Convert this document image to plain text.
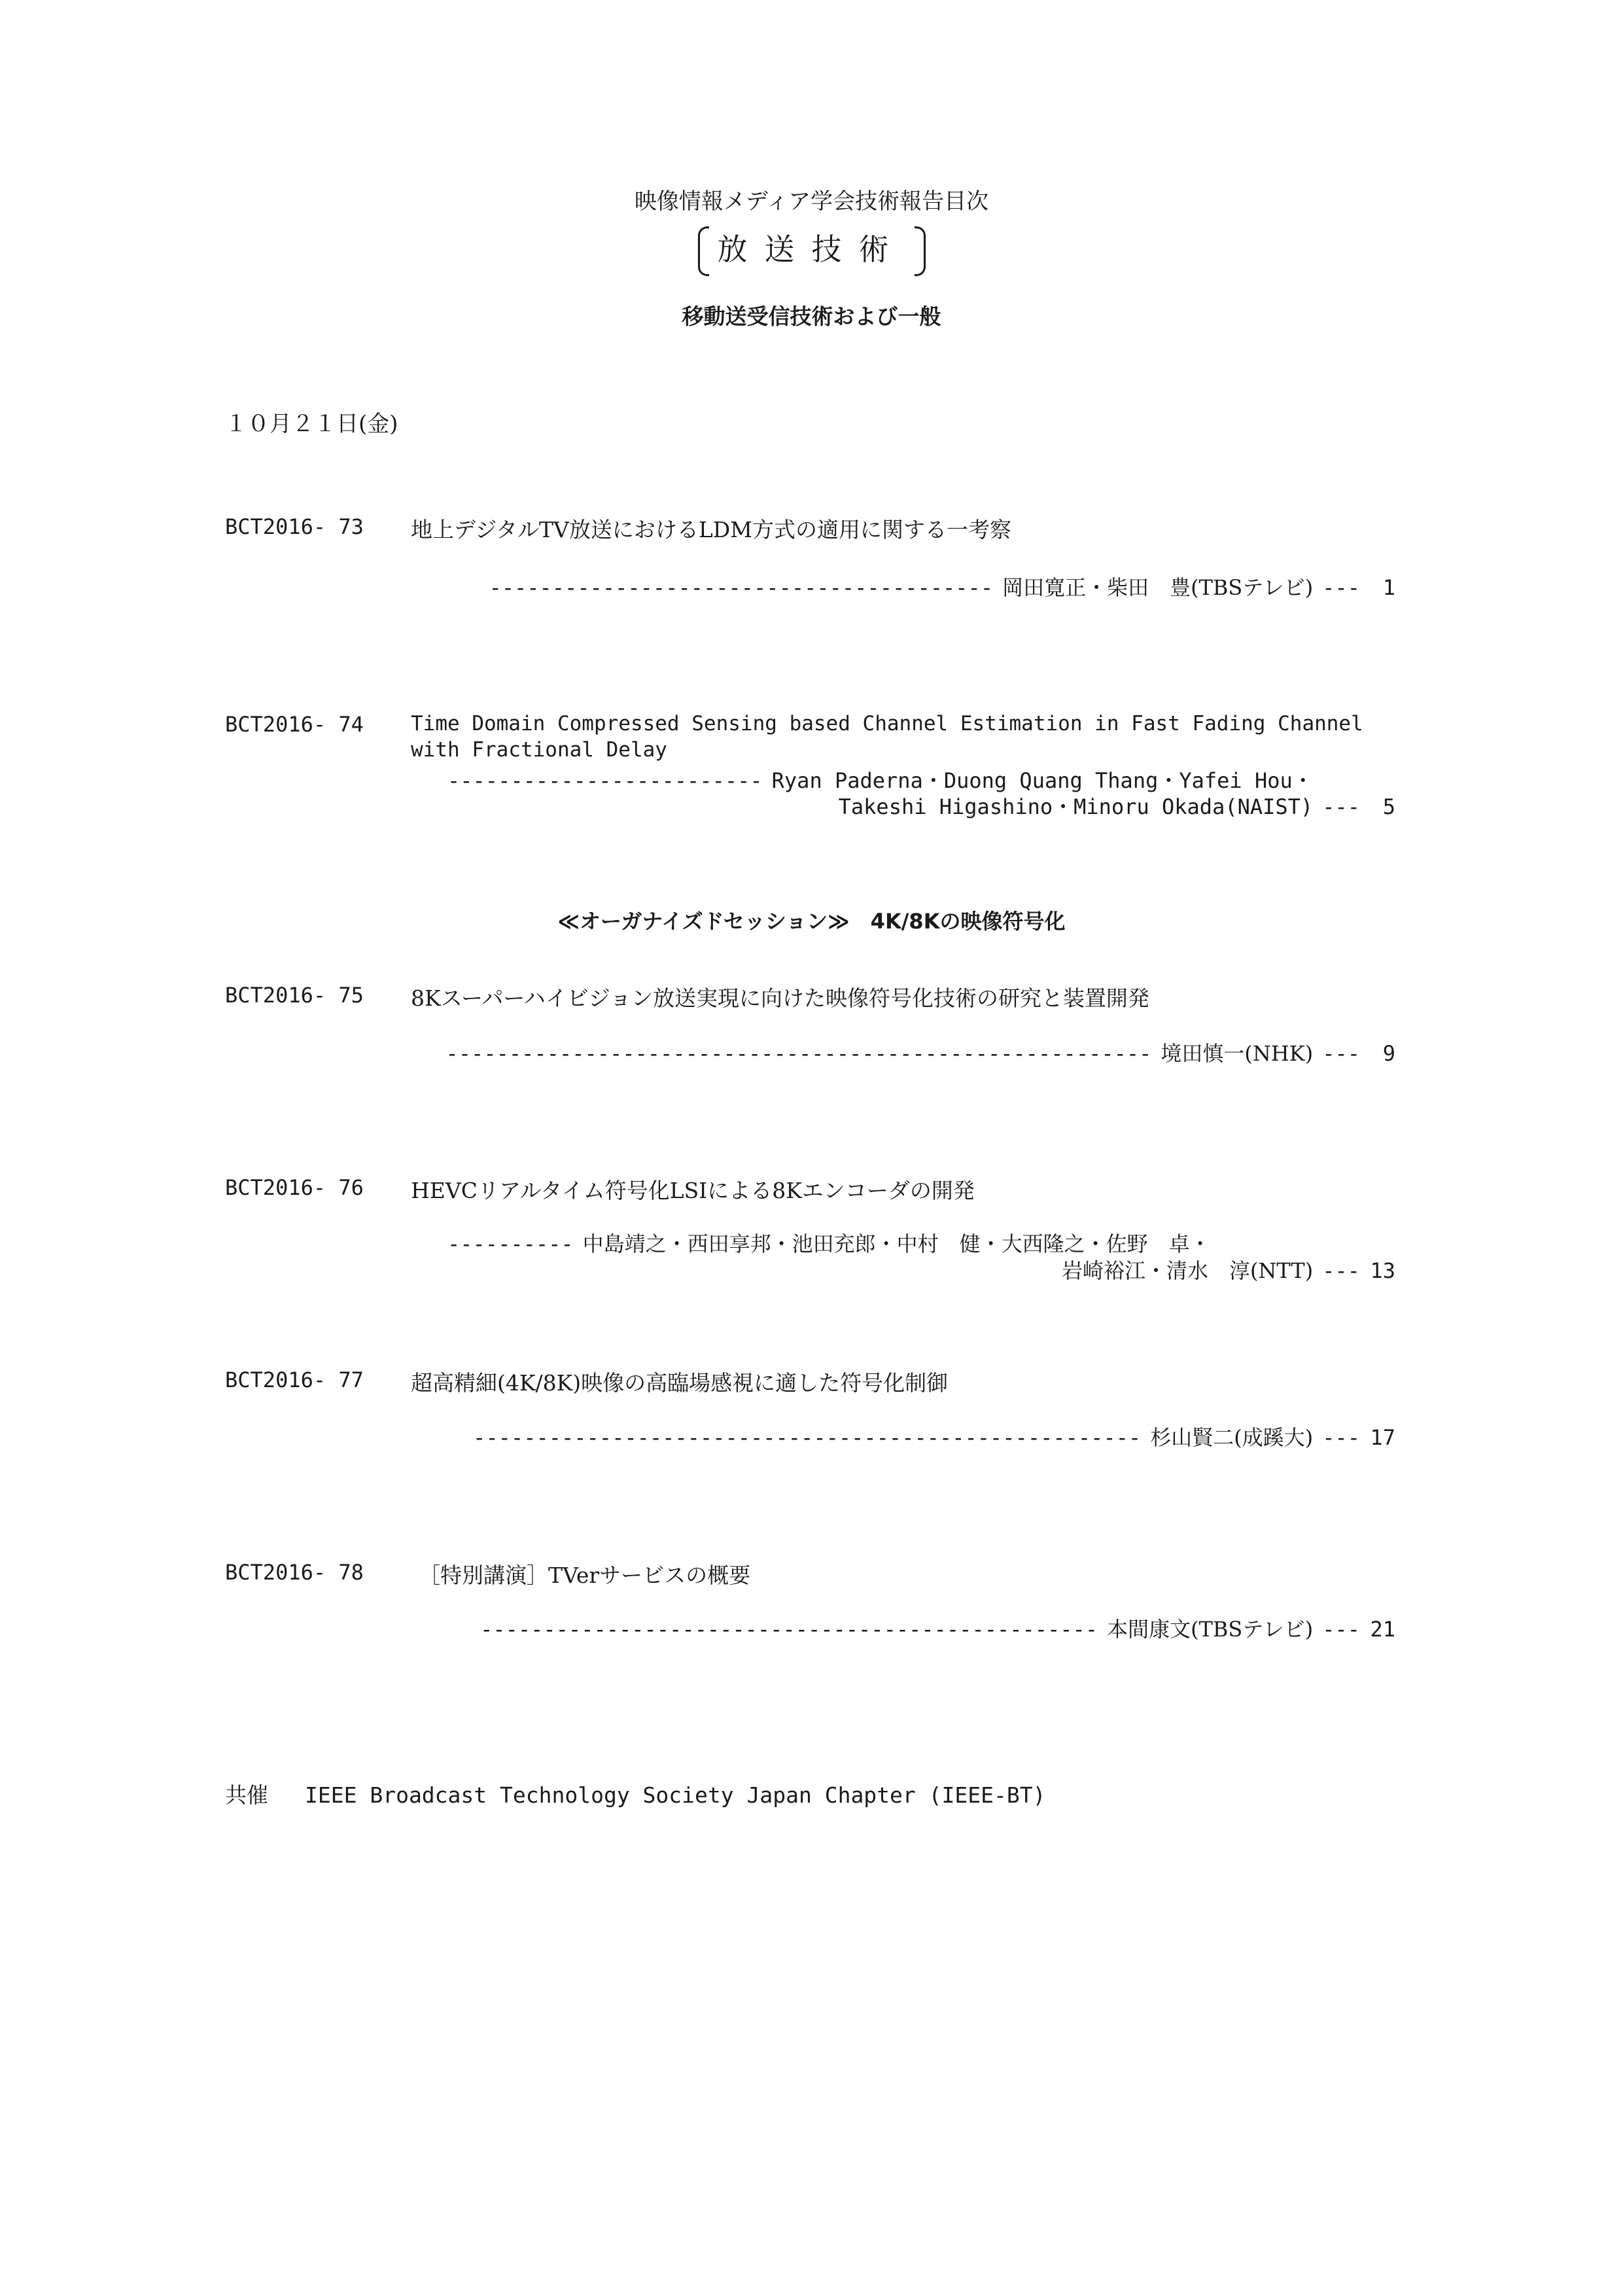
映像情報メディア学会技術報告目次
放送技術
移動送受信技術および一般
１０月２１日(金)
BCT2016- 73 地上デジタルTV放送におけるLDM方式の適用に関する一考察
---------------------------------------- 岡田寛正・柴田　豊(TBSテレビ) ---	1
BCT2016- 74 Time Domain Compressed Sensing based Channel Estimation in Fast Fading Channel
with Fractional Delay
------------------------- Ryan Paderna・Duong Quang Thang・Yafei Hou・
Takeshi Higashino・Minoru Okada(NAIST) ---	5
≪オーガナイズドセッション≫　4K/8Kの映像符号化
BCT2016- 75 8Kスーパーハイビジョン放送実現に向けた映像符号化技術の研究と装置開発
-------------------------------------------------------- 境田慎一(NHK) ---	9
BCT2016- 76 HEVCリアルタイム符号化LSIによる8Kエンコーダの開発
---------- 中島靖之・西田享邦・池田充郎・中村　健・大西隆之・佐野　卓・
岩崎裕江・清水　淳(NTT) --- 13
BCT2016- 77 超高精細(4K/8K)映像の高臨場感視に適した符号化制御
----------------------------------------------------- 杉山賢二(成蹊大) --- 17
BCT2016- 78	［特別講演］TVerサービスの概要
------------------------------------------------- 本間康文(TBSテレビ) --- 21
共催 IEEE Broadcast Technology Society Japan Chapter (IEEE-BT)
